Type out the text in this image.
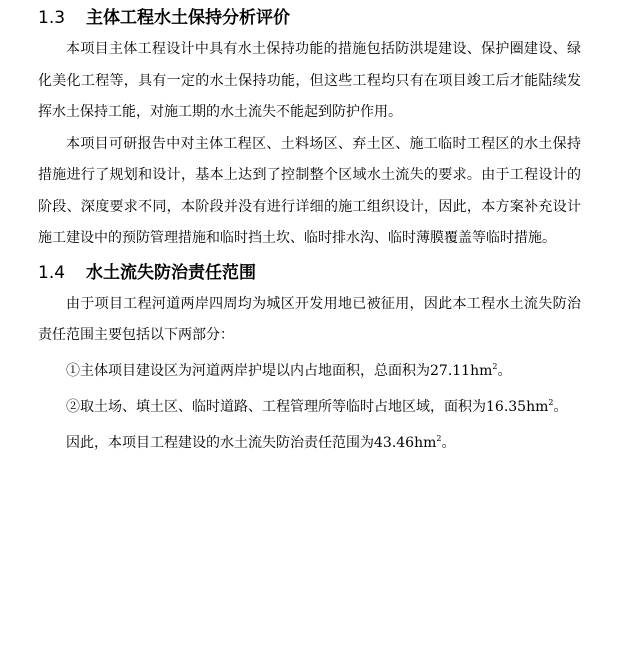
1.3 主体工程水土保持分析评价

本项目主体工程设计中具有水土保持功能的措施包括防洪堤建设、保护圈建设、绿化美化工程等，具有一定的水土保持功能，但这些工程均只有在项目竣工后才能陆续发挥水土保持工能，对施工期的水土流失不能起到防护作用。

本项目可研报告中对主体工程区、土料场区、弃土区、施工临时工程区的水土保持措施进行了规划和设计，基本上达到了控制整个区域水土流失的要求。由于工程设计的阶段、深度要求不同，本阶段并没有进行详细的施工组织设计，因此，本方案补充设计施工建设中的预防管理措施和临时挡土坎、临时排水沟、临时薄膜覆盖等临时措施。

1.4 水土流失防治责任范围

由于项目工程河道两岸四周均为城区开发用地已被征用，因此本工程水土流失防治责任范围主要包括以下两部分：

①主体项目建设区为河道两岸护堤以内占地面积，总面积为$27.11hm^2$。

②取土场、填土区、临时道路、工程管理所等临时占地区域，面积为$16.35hm^2$。

因此，本项目工程建设的水土流失防治责任范围为$43.46hm^2$。
